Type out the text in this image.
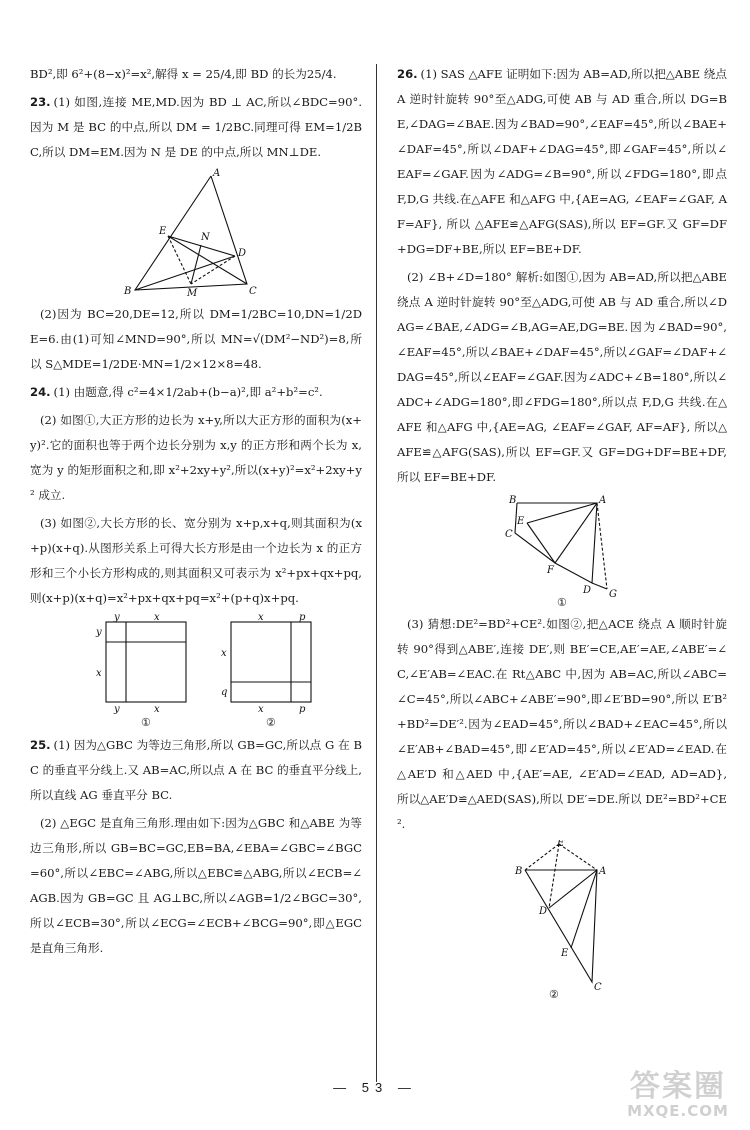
BD²,即 6²+(8−x)²=x²,解得 x = 25/4,即 BD 的长为25/4.

23. (1) 如图,连接 ME,MD.因为 BD ⊥ AC,所以∠BDC=90°.因为 M 是 BC 的中点,所以 DM = 1/2BC.同理可得 EM=1/2BC,所以 DM=EM.因为 N 是 DE 的中点,所以 MN⊥DE.

A
E
N
D
B	M	C

(2)因为 BC=20,DE=12,所以 DM=1/2BC=10,DN=1/2DE=6.由(1)可知∠MND=90°,所以 MN=√(DM²−ND²)=8,所以 S△MDE=1/2DE·MN=1/2×12×8=48.

24. (1) 由题意,得 c²=4×1/2ab+(b−a)²,即 a²+b²=c².

(2) 如图①,大正方形的边长为 x+y,所以大正方形的面积为(x+y)².它的面积也等于两个边长分别为 x,y 的正方形和两个长为 x,宽为 y 的矩形面积之和,即 x²+2xy+y²,所以(x+y)²=x²+2xy+y² 成立.

(3) 如图②,大长方形的长、宽分别为 x+p,x+q,则其面积为(x+p)(x+q).从图形关系上可得大长方形是由一个边长为 x 的正方形和三个小长方形构成的,则其面积又可表示为 x²+px+qx+pq,则(x+p)(x+q)=x²+px+qx+pq=x²+(p+q)x+pq.

y	x
y
x
x
y
①
x	p
x
q
x	p
②

25. (1) 因为△GBC 为等边三角形,所以 GB=GC,所以点 G 在 BC 的垂直平分线上.又 AB=AC,所以点 A 在 BC 的垂直平分线上,所以直线 AG 垂直平分 BC.

(2) △EGC 是直角三角形.理由如下:因为△GBC 和△ABE 为等边三角形,所以 GB=BC=GC,EB=BA,∠EBA=∠GBC=∠BGC=60°,所以∠EBC=∠ABG,所以△EBC≌△ABG,所以∠ECB=∠AGB.因为 GB=GC 且 AG⊥BC,所以∠AGB=1/2∠BGC=30°,所以∠ECB=30°,所以∠ECG=∠ECB+∠BCG=90°,即△EGC 是直角三角形.

26. (1) SAS △AFE 证明如下:因为 AB=AD,所以把△ABE 绕点 A 逆时针旋转 90°至△ADG,可使 AB 与 AD 重合,所以 DG=BE,∠DAG=∠BAE.因为∠BAD=90°,∠EAF=45°,所以∠BAE+∠DAF=45°,所以∠DAF+∠DAG=45°,即∠GAF=45°,所以∠EAF=∠GAF.因为∠ADG=∠B=90°,所以∠FDG=180°,即点 F,D,G 共线.在△AFE 和△AFG 中,{AE=AG, ∠EAF=∠GAF, AF=AF}, 所以 △AFE≌△AFG(SAS),所以 EF=GF.又 GF=DF+DG=DF+BE,所以 EF=BE+DF.

(2) ∠B+∠D=180° 解析:如图①,因为 AB=AD,所以把△ABE 绕点 A 逆时针旋转 90°至△ADG,可使 AB 与 AD 重合,所以∠DAG=∠BAE,∠ADG=∠B,AG=AE,DG=BE.因为∠BAD=90°,∠EAF=45°,所以∠BAE+∠DAF=45°,所以∠GAF=∠DAF+∠DAG=45°,所以∠EAF=∠GAF.因为∠ADC+∠B=180°,所以∠ADC+∠ADG=180°,即∠FDG=180°,所以点 F,D,G 共线.在△AFE 和△AFG 中,{AE=AG, ∠EAF=∠GAF, AF=AF}, 所以△AFE≌△AFG(SAS),所以 EF=GF.又 GF=DG+DF=BE+DF,所以 EF=BE+DF.

B	A
E
C
F
D G
①

(3) 猜想:DE²=BD²+CE².如图②,把△ACE 绕点 A 顺时针旋转 90°得到△ABE′,连接 DE′,则 BE′=CE,AE′=AE,∠ABE′=∠C,∠E′AB=∠EAC.在 Rt△ABC 中,因为 AB=AC,所以∠ABC=∠C=45°,所以∠ABC+∠ABE′=90°,即∠E′BD=90°,所以 E′B²+BD²=DE′².因为∠EAD=45°,所以∠BAD+∠EAC=45°,所以∠E′AB+∠BAD=45°,即∠E′AD=45°,所以∠E′AD=∠EAD.在△AE′D 和△AED 中,{AE′=AE, ∠E′AD=∠EAD, AD=AD}, 所以△AE′D≌△AED(SAS),所以 DE′=DE.所以 DE²=BD²+CE².

E′
B	A
D
E
C
②
— 53 —	答案圈
MXQE.COM
